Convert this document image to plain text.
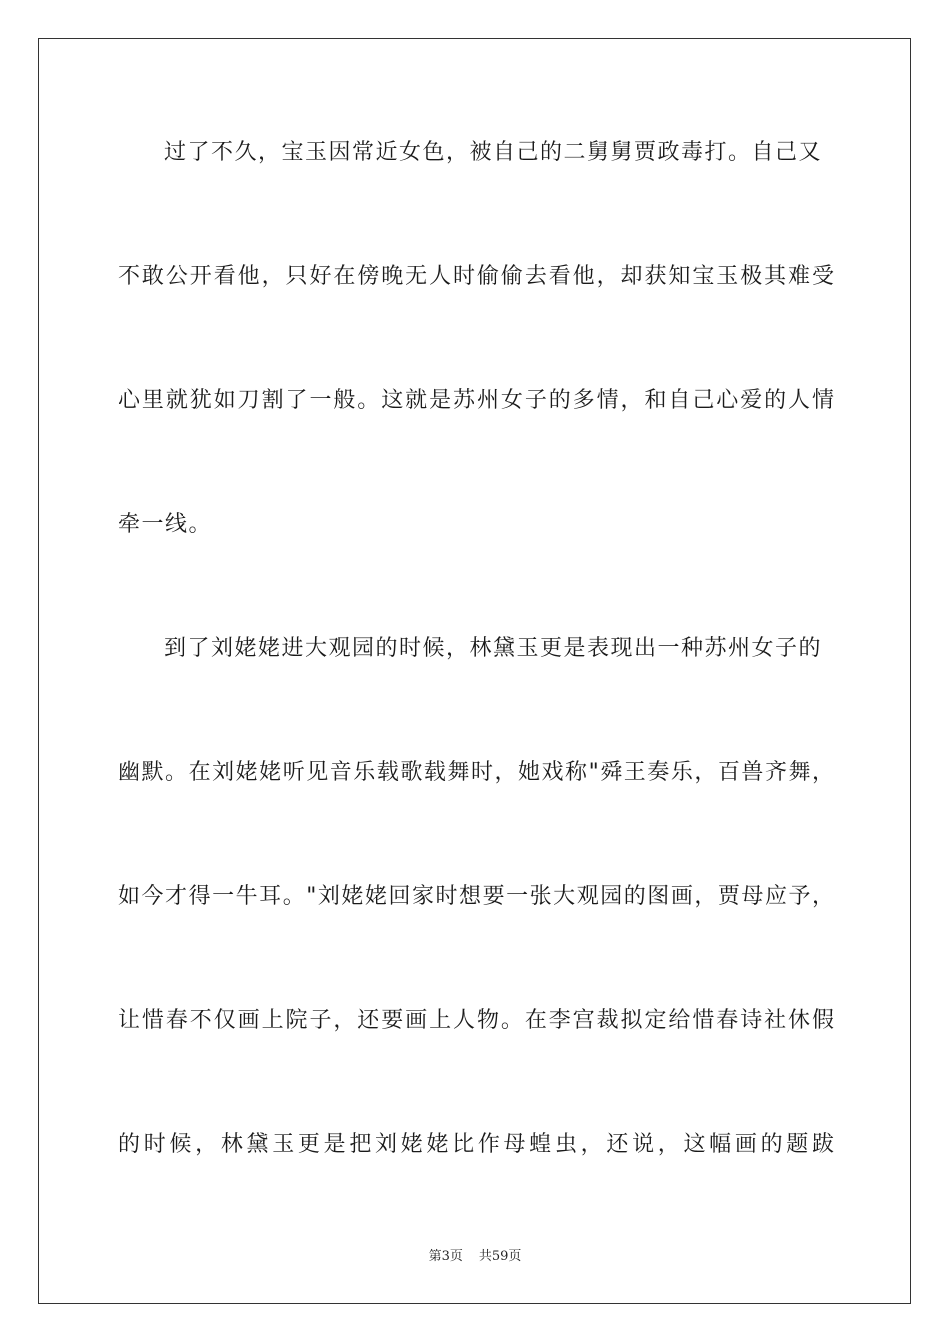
过了不久，宝玉因常近女色，被自己的二舅舅贾政毒打。自己又
不敢公开看他，只好在傍晚无人时偷偷去看他，却获知宝玉极其难受
心里就犹如刀割了一般。这就是苏州女子的多情，和自己心爱的人情
牵一线。
到了刘姥姥进大观园的时候，林黛玉更是表现出一种苏州女子的
幽默。在刘姥姥听见音乐载歌载舞时，她戏称"舜王奏乐，百兽齐舞，
如今才得一牛耳。"刘姥姥回家时想要一张大观园的图画，贾母应予，
让惜春不仅画上院子，还要画上人物。在李宫裁拟定给惜春诗社休假
的时候，林黛玉更是把刘姥姥比作母蝗虫，还说，这幅画的题跋
第3页 共59页
